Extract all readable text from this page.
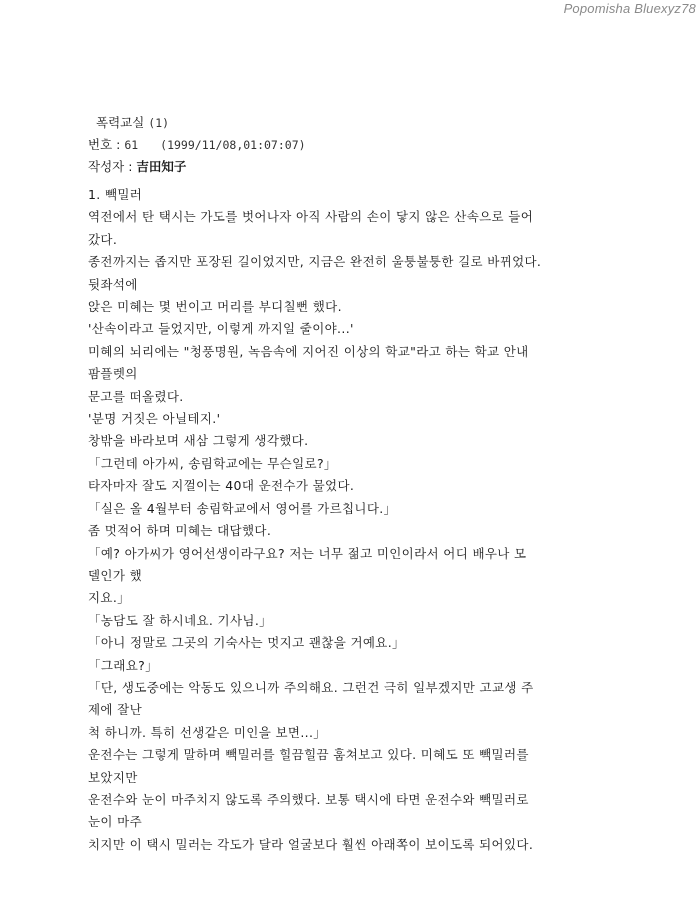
Popomisha Bluexyz78
폭력교실 (1)
번호 : 61 (1999/11/08,01:07:07)
작성자 : 吉田知子
1. 빽밀러
역전에서 탄 택시는 가도를 벗어나자 아직 사람의 손이 닿지 않은 산속으로 들어
갔다.
종전까지는 좁지만 포장된 길이었지만, 지금은 완전히 울퉁불퉁한 길로 바뀌었다.
뒷좌석에
앉은 미혜는 몇 번이고 머리를 부디칠뻔 했다.
'산속이라고 들었지만, 이렇게 까지일 줄이야...'
미혜의 뇌리에는 "청풍명원, 녹음속에 지어진 이상의 학교"라고 하는 학교 안내
팜플렛의
문고를 떠올렸다.
'분명 거짓은 아닐테지.'
창밖을 바라보며 새삼 그렇게 생각했다.
「그런데 아가씨, 송림학교에는 무슨일로?」
타자마자 잘도 지껄이는 40대 운전수가 물었다.
「실은 올 4월부터 송림학교에서 영어를 가르칩니다.」
좀 멋적어 하며 미혜는 대답했다.
「예? 아가씨가 영어선생이라구요? 저는 너무 젊고 미인이라서 어디 배우나 모
델인가 했
지요.」
「농담도 잘 하시네요. 기사님.」
「아니 정말로 그곳의 기숙사는 멋지고 괜찮을 거예요.」
「그래요?」
「단, 생도중에는 악동도 있으니까 주의해요. 그런건 극히 일부겠지만 고교생 주
제에 잘난
척 하니까. 특히 선생같은 미인을 보면...」
운전수는 그렇게 말하며 빽밀러를 힐끔힐끔 훔쳐보고 있다. 미혜도 또 빽밀러를
보았지만
운전수와 눈이 마주치지 않도록 주의했다. 보통 택시에 타면 운전수와 빽밀러로
눈이 마주
치지만 이 택시 밀러는 각도가 달라 얼굴보다 훨씬 아래쪽이 보이도록 되어있다.
